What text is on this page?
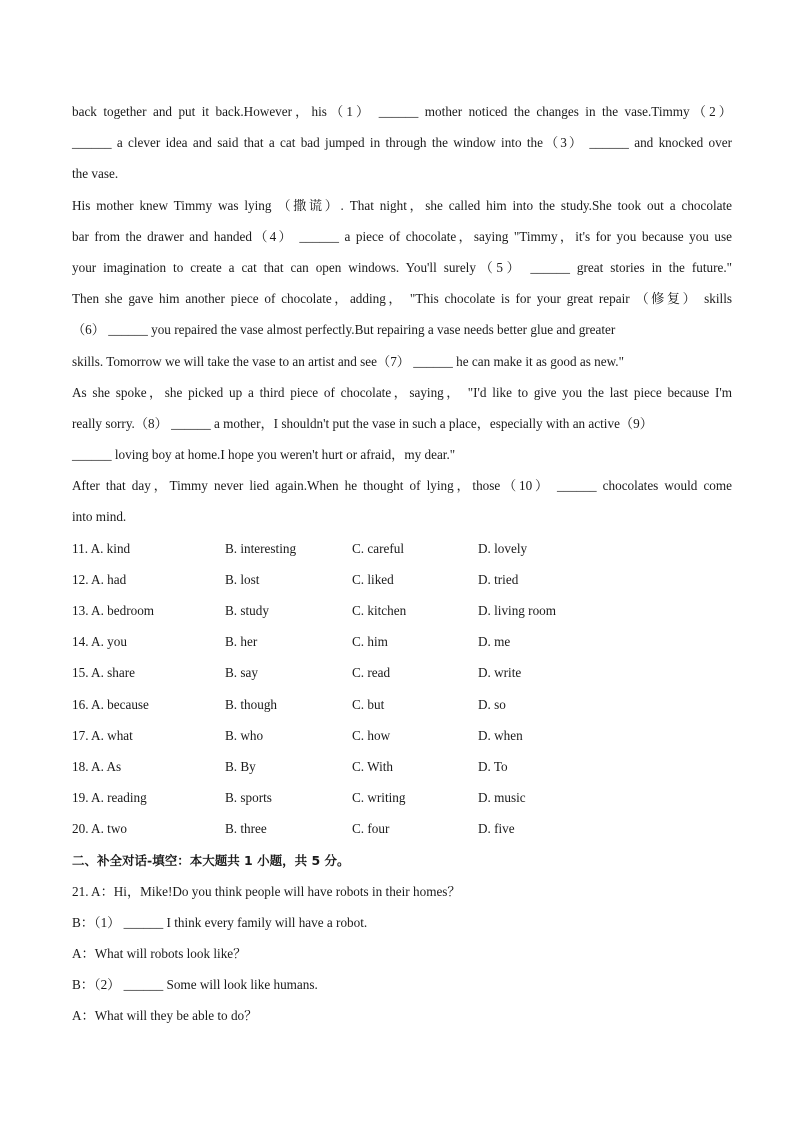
back together and put it back.However，his（1） ______ mother noticed the changes in the vase.Timmy（2）
______ a clever idea and said that a cat bad jumped in through the window into the（3） ______ and knocked over
the vase.
His mother knew Timmy was lying （撒谎）. That night，she called him into the study.She took out a chocolate
bar from the drawer and handed（4） ______ a piece of chocolate，saying "Timmy，it's for you because you use
your imagination to create a cat that can open windows. You'll surely（5） ______ great stories in the future."
Then she gave him another piece of chocolate，adding， "This chocolate is for your great repair （修复） skills
（6） ______ you repaired the vase almost perfectly.But repairing a vase needs better glue and greater
skills. Tomorrow we will take the vase to an artist and see（7） ______ he can make it as good as new."
As she spoke，she picked up a third piece of chocolate，saying， "I'd like to give you the last piece because I'm
really sorry.（8） ______ a mother，I shouldn't put the vase in such a place，especially with an active（9）
______ loving boy at home.I hope you weren't hurt or afraid，my dear."
After that day，Timmy never lied again.When he thought of lying，those（10） ______ chocolates would come
into mind.
11. A. kind	B. interesting	C. careful	D. lovely
12. A. had	B. lost	C. liked	D. tried
13. A. bedroom	B. study	C. kitchen	D. living room
14. A. you	B. her	C. him	D. me
15. A. share	B. say	C. read	D. write
16. A. because	B. though	C. but	D. so
17. A. what	B. who	C. how	D. when
18. A. As	B. By	C. With	D. To
19. A. reading	B. sports	C. writing	D. music
20. A. two	B. three	C. four	D. five
二、补全对话-填空：本大题共 1 小题，共 5 分。
21. A：Hi，Mike!Do you think people will have robots in their homes？
B：（1） ______ I think every family will have a robot.
A：What will robots look like？
B：（2） ______ Some will look like humans.
A：What will they be able to do？
